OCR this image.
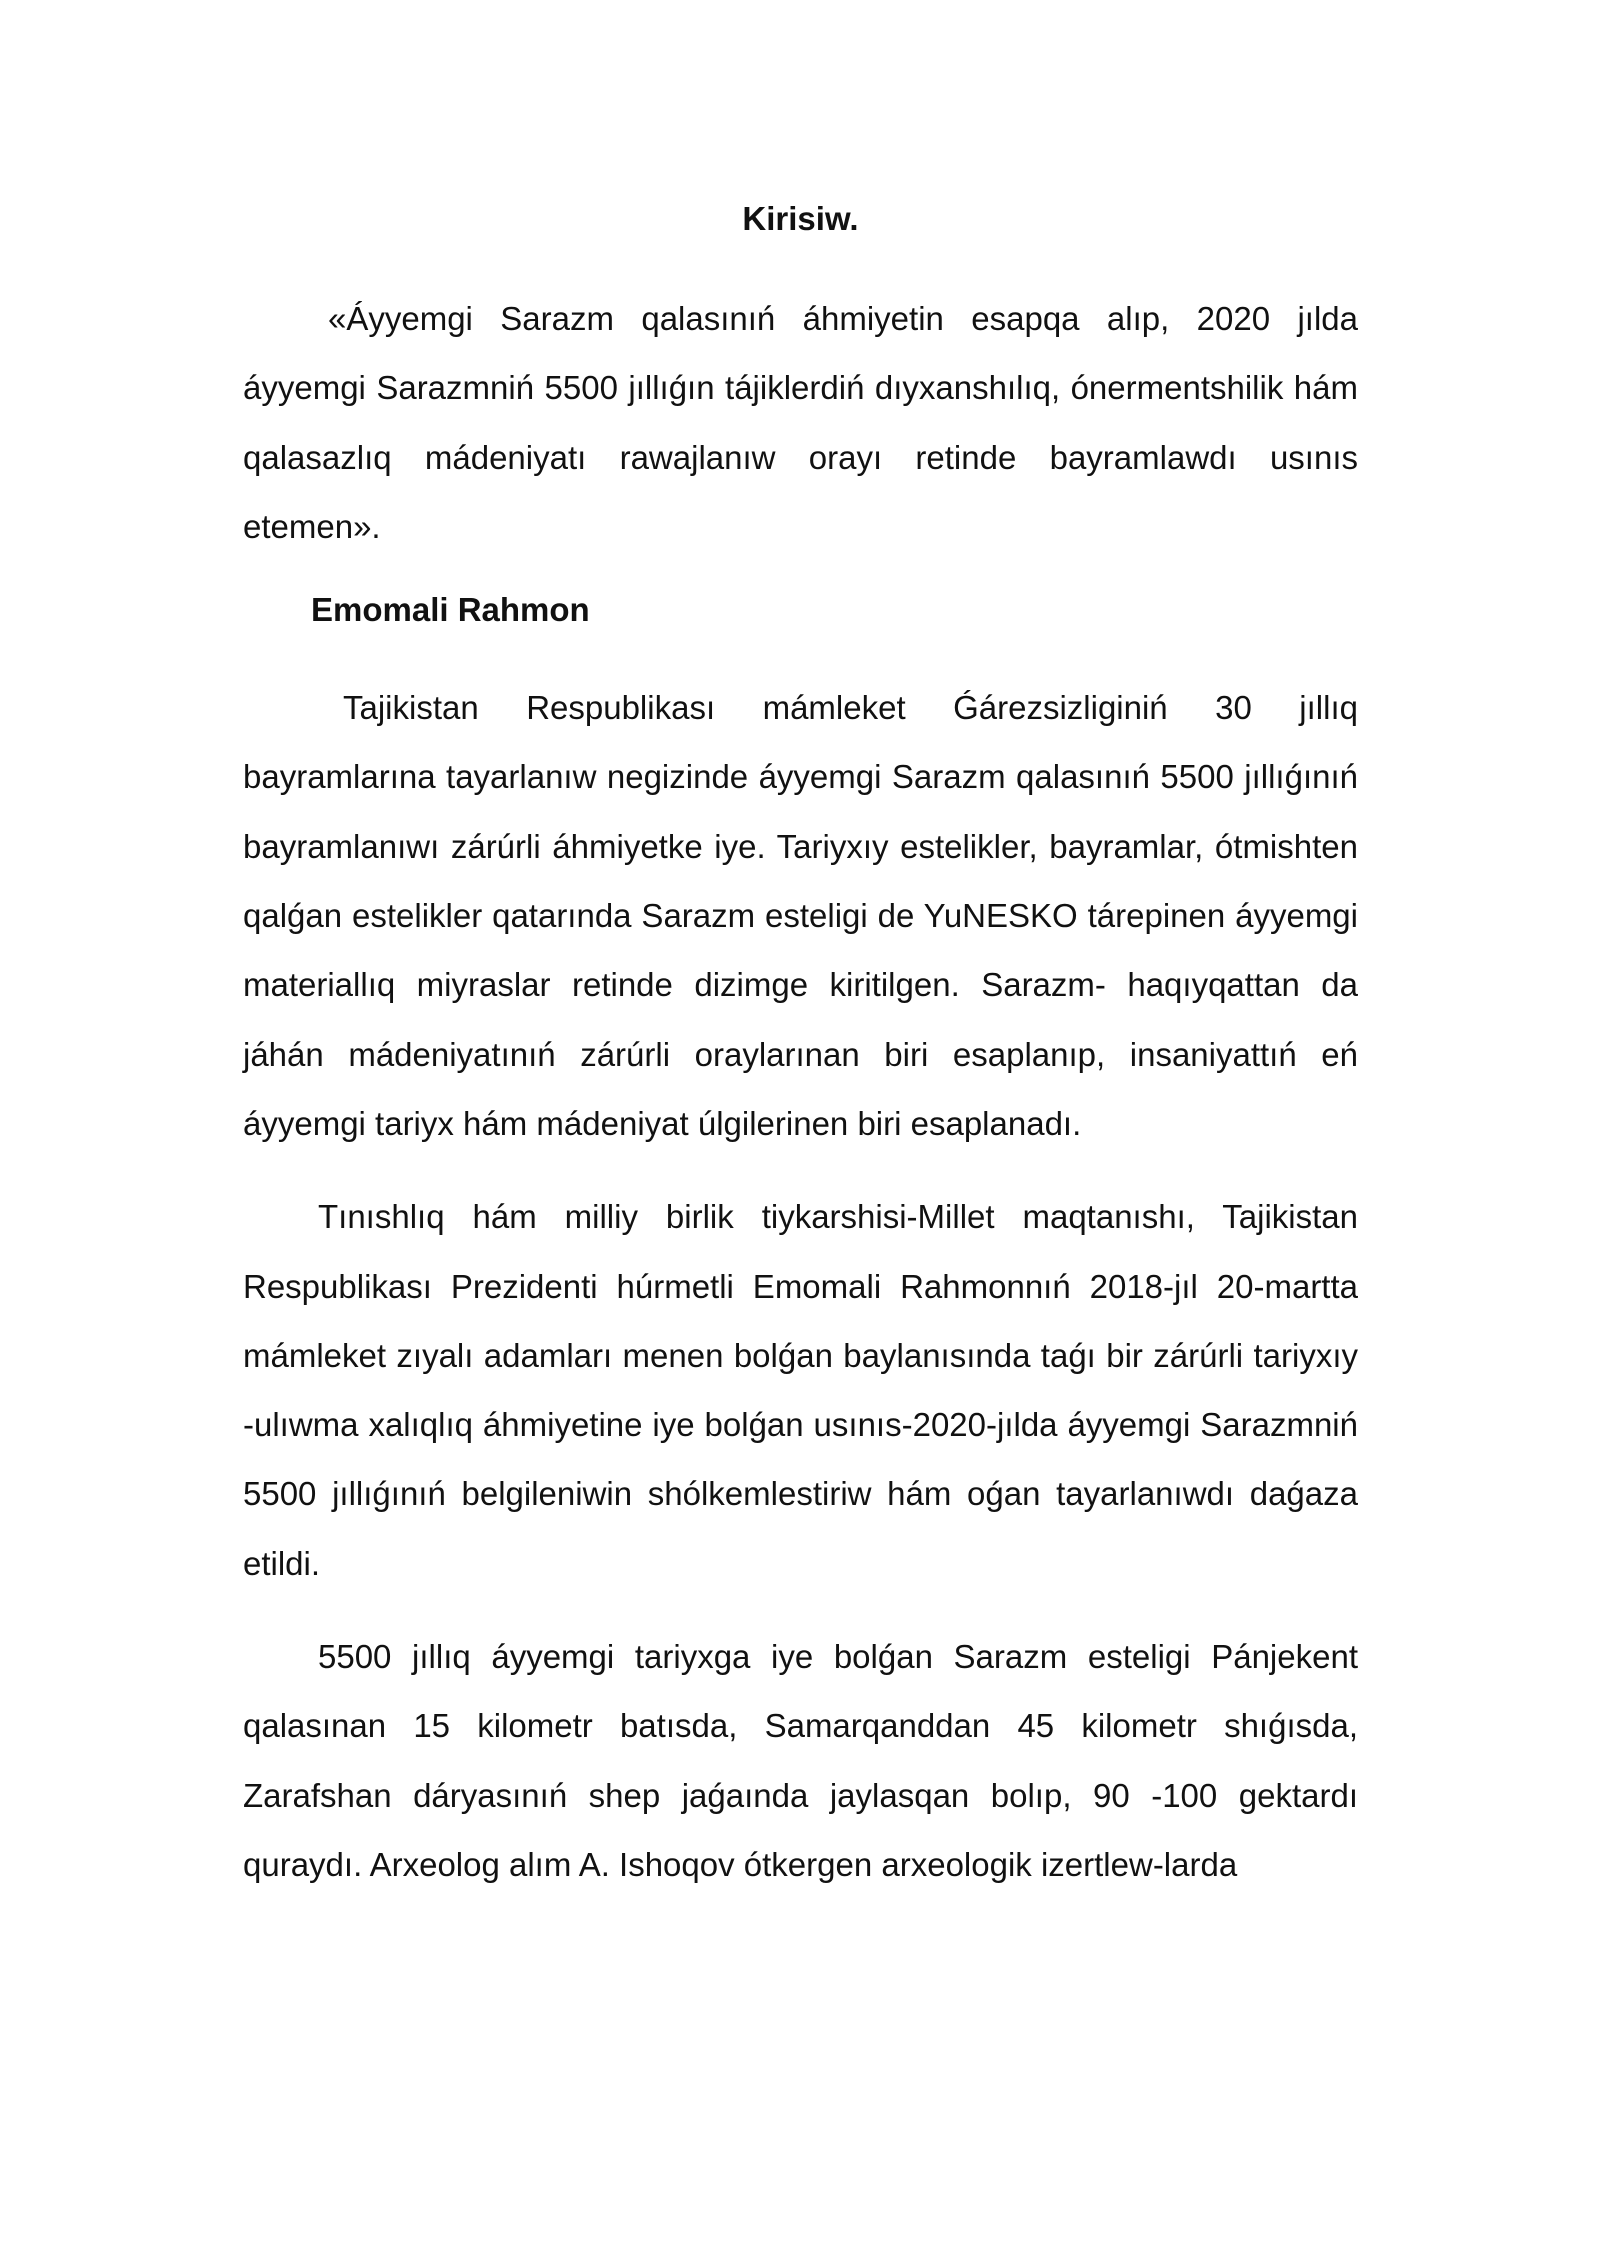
Kirisiw.

«Áyyemgi Sarazm qalasınıń áhmiyetin esapqa alıp, 2020 jılda áyyemgi Sarazmniń 5500 jıllıǵın tájiklerdiń dıyxanshılıq, ónermentshilik hám qalasazlıq mádeniyatı rawajlanıw orayı retinde bayramlawdı usınıs etemen».

Emomali Rahmon

Tajikistan Respublikası mámleket Ǵárezsizliginiń 30 jıllıq bayramlarına tayarlanıw negizinde áyyemgi Sarazm qalasınıń 5500 jıllıǵınıń bayramlanıwı zárúrli áhmiyetke iye. Tariyxıy estelikler, bayramlar, ótmishten qalǵan estelikler qatarında Sarazm esteligi de YuNESKO tárepinen áyyemgi materiallıq miyraslar retinde dizimge kiritilgen. Sarazm- haqıyqattan da jáhán mádeniyatınıń zárúrli oraylarınan biri esaplanıp, insaniyattıń eń áyyemgi tariyx hám mádeniyat úlgilerinen biri esaplanadı.

Tınıshlıq hám milliy birlik tiykarshisi-Millet maqtanıshı, Tajikistan Respublikası Prezidenti húrmetli Emomali Rahmonnıń 2018-jıl 20-martta mámleket zıyalı adamları menen bolǵan baylanısında taǵı bir zárúrli tariyxıy -ulıwma xalıqlıq áhmiyetine iye bolǵan usınıs-2020-jılda áyyemgi Sarazmniń 5500 jıllıǵınıń belgileniwin shólkemlestiriw hám oǵan tayarlanıwdı daǵaza etildi.

5500 jıllıq áyyemgi tariyxga iye bolǵan Sarazm esteligi Pánjekent qalasınan 15 kilometr batısda, Samarqanddan 45 kilometr shıǵısda, Zarafshan dáryasınıń shep jaǵaında jaylasqan bolıp, 90 -100 gektardı quraydı. Arxeolog alım A. Ishoqov ótkergen arxeologik izertlew-larda
